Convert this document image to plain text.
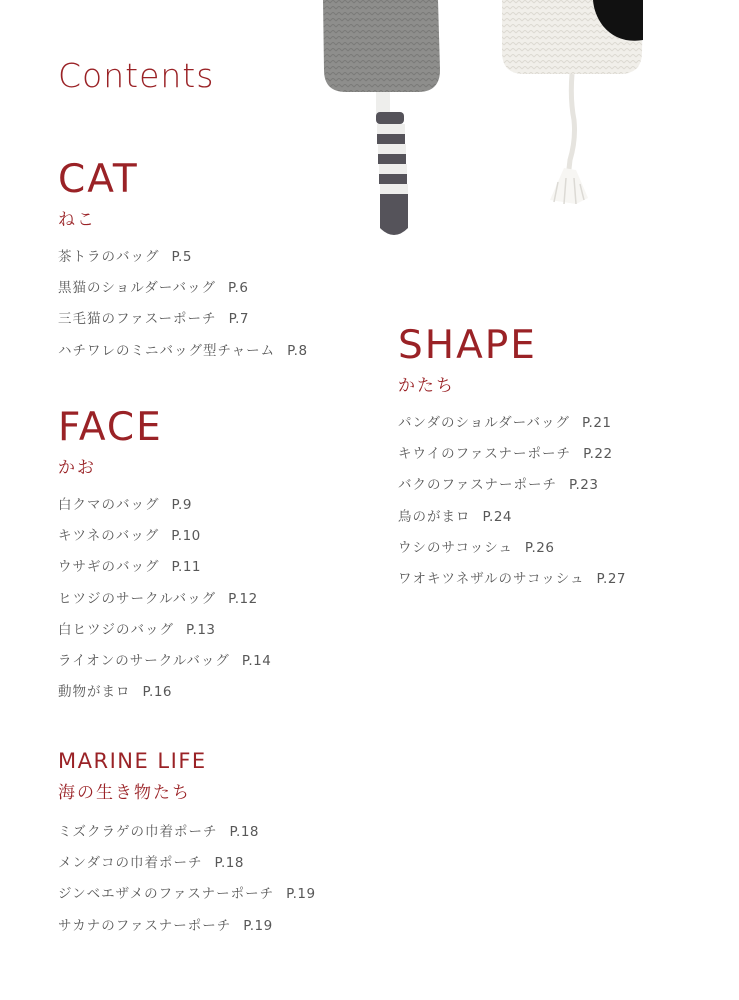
Contents
CAT

ねこ

茶トラのバッグ P.5
黒猫のショルダーバッグ P.6
三毛猫のファスーポーチ P.7
ハチワレのミニバッグ型チャーム P.8
FACE

かお

白クマのバッグ P.9
キツネのバッグ P.10
ウサギのバッグ P.11
ヒツジのサークルバッグ P.12
白ヒツジのバッグ P.13
ライオンのサークルバッグ P.14
動物がまロ P.16
MARINE LIFE

海の生き物たち

ミズクラゲの巾着ポーチ P.18
メンダコの巾着ポーチ P.18
ジンベエザメのファスナーポーチ P.19
サカナのファスナーポーチ P.19
SHAPE

かたち

パンダのショルダーバッグ P.21
キウイのファスナーポーチ P.22
バクのファスナーポーチ P.23
鳥のがまロ P.24
ウシのサコッシュ P.26
ワオキツネザルのサコッシュ P.27
